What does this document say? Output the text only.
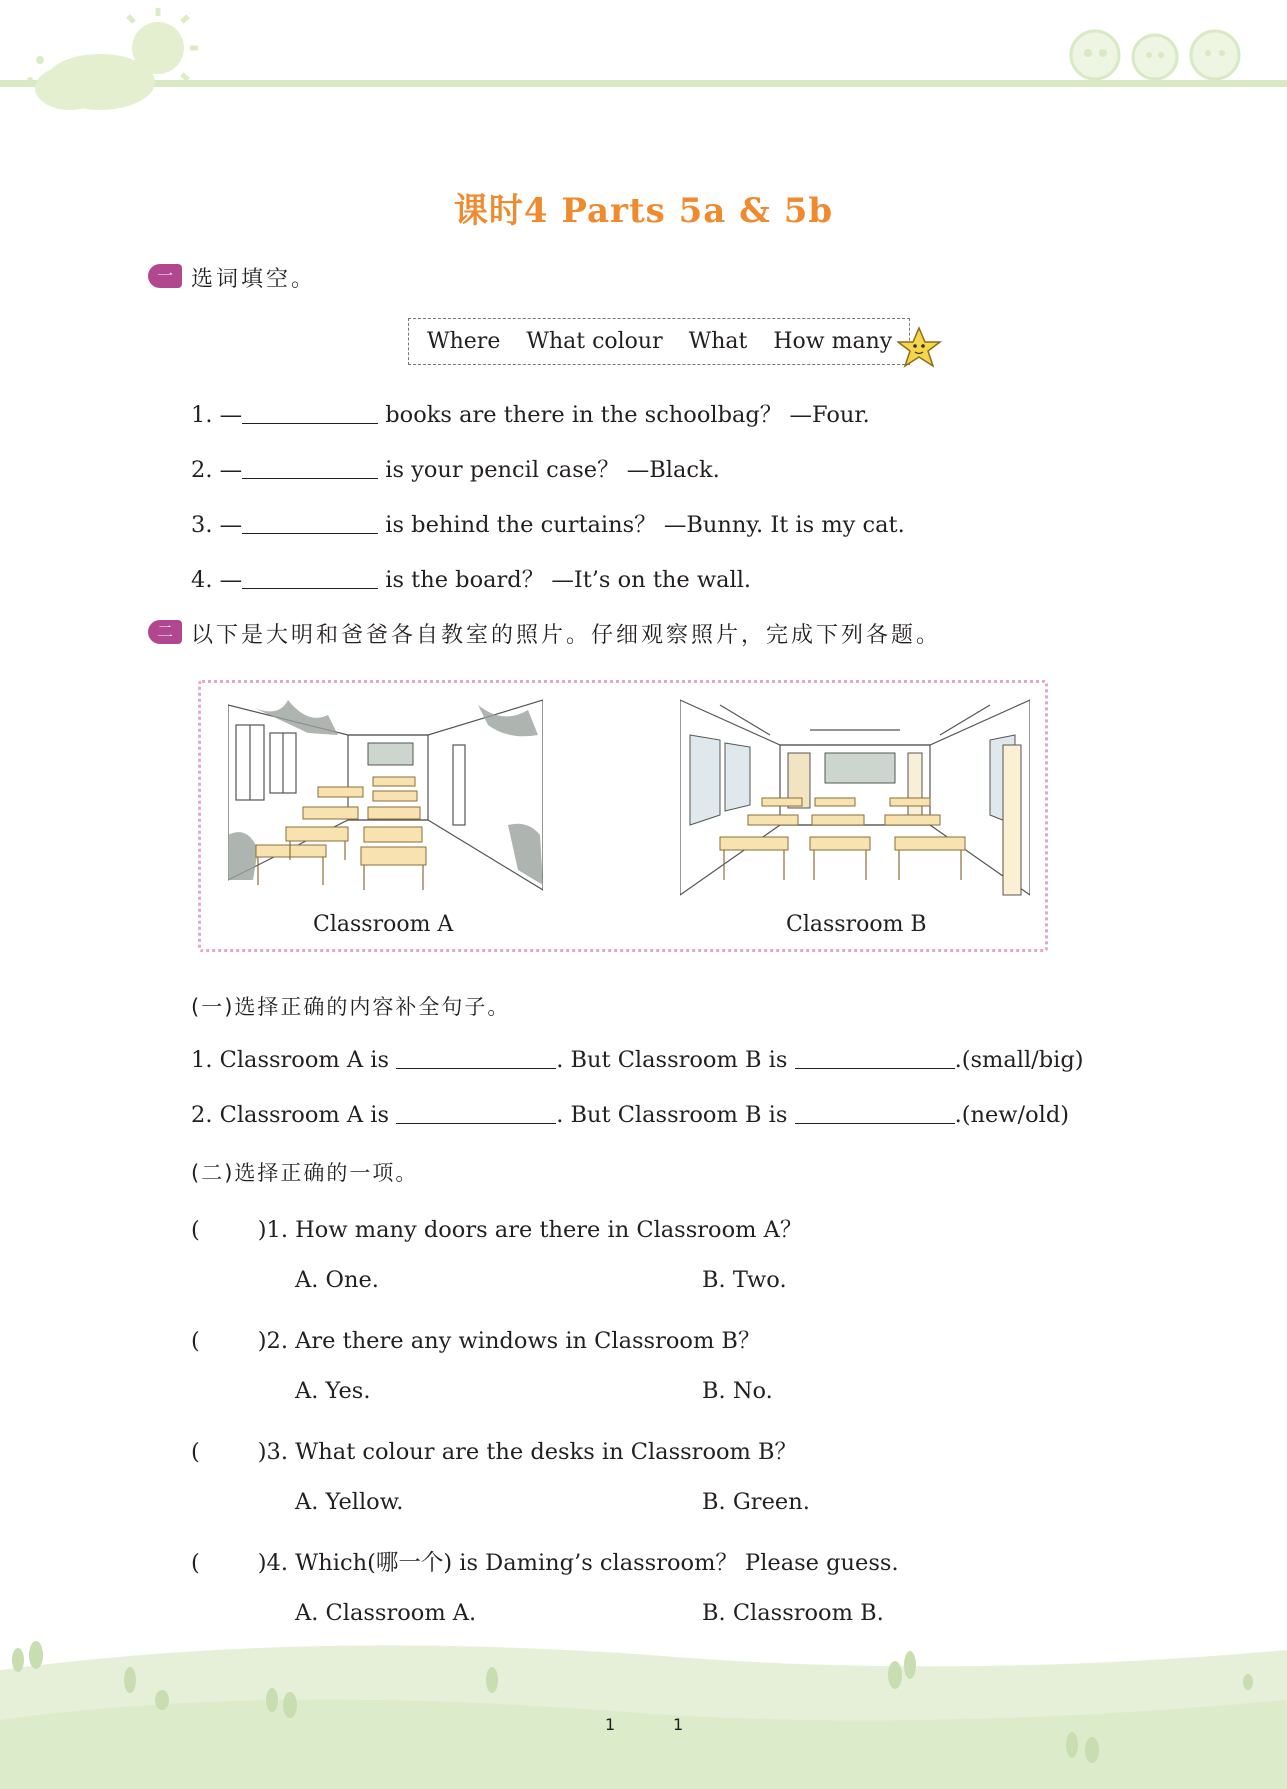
课时4 Parts 5a & 5b
一 选词填空。
Where What colour What How many
1. —	books are there in the schoolbag？ —Four.
2. —	is your pencil case？ —Black.
3. —	is behind the curtains？ —Bunny. It is my cat.
4. —	is the board？ —It’s on the wall.
二 以下是大明和爸爸各自教室的照片。仔细观察照片，完成下列各题。
Classroom A	Classroom B
(一)选择正确的内容补全句子。
1. Classroom A is	. But Classroom B is	.(small/big)
2. Classroom A is	. But Classroom B is	.(new/old)
(二)选择正确的一项。
(	)1. How many doors are there in Classroom A？
A. One.	B. Two.
(	)2. Are there any windows in Classroom B？
A. Yes.	B. No.
(	)3. What colour are the desks in Classroom B？
A. Yellow.	B. Green.
(	)4. Which(哪一个) is Daming’s classroom？ Please guess.
A. Classroom A.	B. Classroom B.
1	1
